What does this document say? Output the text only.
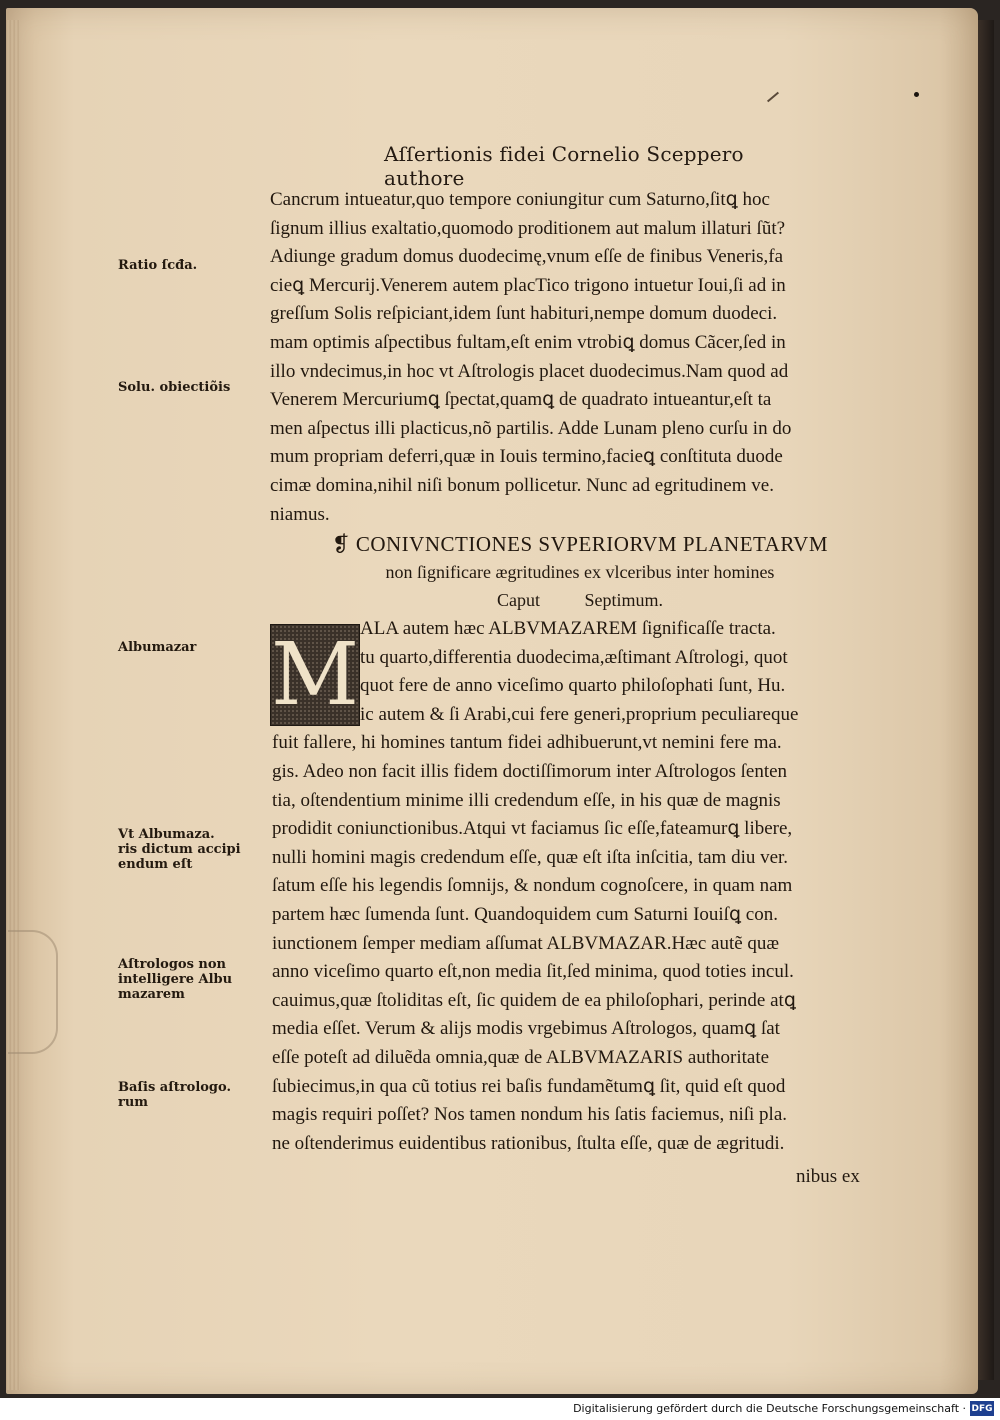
Aſſertionis fidei Cornelio Sceppero authore
Cancrum intueatur,quo tempore coniungitur cum Saturno,ſitꝗ hoc
ſignum illius exaltatio,quomodo proditionem aut malum illaturi ſũt?
Adiunge gradum domus duodecimę,vnum eſſe de finibus Veneris,fa
cieꝗ Mercurij.Venerem autem placTico trigono intuetur Ioui,ſi ad in
greſſum Solis reſpiciant,idem ſunt habituri,nempe domum duodeci.
mam optimis aſpectibus fultam,eſt enim vtrobiꝗ domus Cãcer,ſed in
illo vndecimus,in hoc vt Aſtrologis placet duodecimus.Nam quod ad
Venerem Mercuriumꝗ ſpectat,quamꝗ de quadrato intueantur,eſt ta
men aſpectus illi placticus,nõ partilis. Adde Lunam pleno curſu in do
mum propriam deferri,quæ in Iouis termino,facieꝗ conſtituta duode
cimæ domina,nihil niſi bonum pollicetur. Nunc ad egritudinem ve.
niamus.
❡ CONIVNCTIONES SVPERIORVM PLANETARVM
non ſignificare ægritudines ex vlceribus inter homines
Caput Septimum.
M ALA autem hæc ALBVMAZAREM ſignificaſſe tracta.
tu quarto,differentia duodecima,æſtimant Aſtrologi, quot
quot fere de anno viceſimo quarto philoſophati ſunt, Hu.
ic autem & ſi Arabi,cui fere generi,proprium peculiareque
fuit fallere, hi homines tantum fidei adhibuerunt,vt nemini fere ma.
gis. Adeo non facit illis fidem doctiſſimorum inter Aſtrologos ſenten
tia, oſtendentium minime illi credendum eſſe, in his quæ de magnis
prodidit coniunctionibus.Atqui vt faciamus ſic eſſe,fateamurꝗ libere,
nulli homini magis credendum eſſe, quæ eſt iſta inſcitia, tam diu ver.
ſatum eſſe his legendis ſomnijs, & nondum cognoſcere, in quam nam
partem hæc ſumenda ſunt. Quandoquidem cum Saturni Iouiſꝗ con.
iunctionem ſemper mediam aſſumat ALBVMAZAR.Hæc autẽ quæ
anno viceſimo quarto eſt,non media ſit,ſed minima, quod toties incul.
cauimus,quæ ſtoliditas eſt, ſic quidem de ea philoſophari, perinde atꝗ
media eſſet. Verum & alijs modis vrgebimus Aſtrologos, quamꝗ ſat
eſſe poteſt ad diluẽda omnia,quæ de ALBVMAZARIS authoritate
ſubiecimus,in qua cũ totius rei baſis fundamẽtumꝗ ſit, quid eſt quod
magis requiri poſſet? Nos tamen nondum his ſatis faciemus, niſi pla.
ne oſtenderimus euidentibus rationibus, ſtulta eſſe, quæ de ægritudi.
nibus ex
Ratio ſcđa.
Solu. obiectiõis
Albumazar
Vt Albumaza.
ris dictum accipi
endum eſt
Aſtrologos non
intelligere Albu
mazarem
Baſis aſtrologo.
rum
Digitalisierung gefördert durch die Deutsche Forschungsgemeinschaft · DFG
